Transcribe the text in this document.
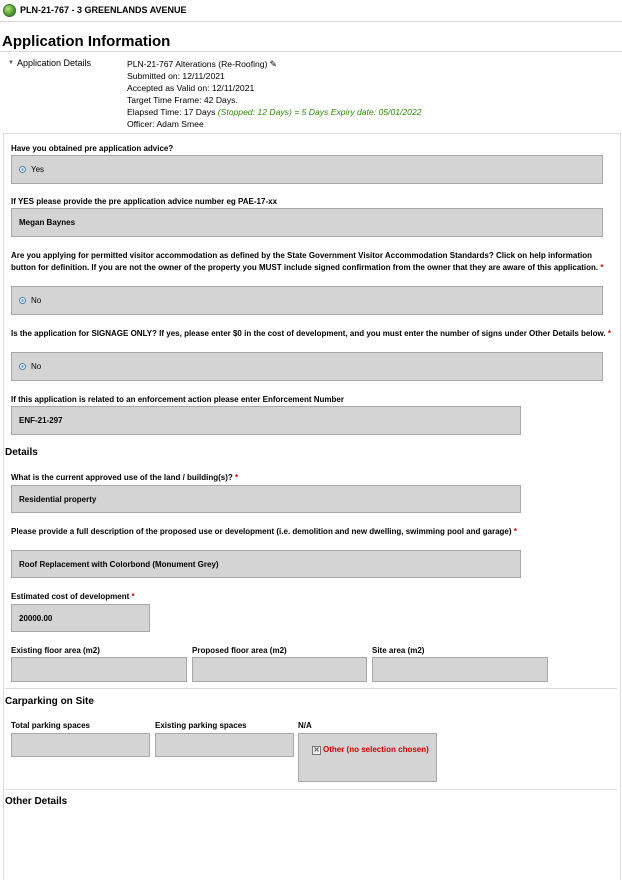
PLN-21-767 - 3 GREENLANDS AVENUE
Application Information
▼ Application Details	PLN-21-767 Alterations (Re-Roofing) ✎
Submitted on: 12/11/2021
Accepted as Valid on: 12/11/2021
Target Time Frame: 42 Days.
Elapsed Time: 17 Days (Stopped: 12 Days) = 5 Days Expiry date: 05/01/2022
Officer: Adam Smee
Have you obtained pre application advice?
Yes
If YES please provide the pre application advice number eg PAE-17-xx
Megan Baynes
Are you applying for permitted visitor accommodation as defined by the State Government Visitor Accommodation Standards? Click on help information button for definition. If you are not the owner of the property you MUST include signed confirmation from the owner that they are aware of this application. *
No
Is the application for SIGNAGE ONLY? If yes, please enter $0 in the cost of development, and you must enter the number of signs under Other Details below. *
No
If this application is related to an enforcement action please enter Enforcement Number
ENF-21-297
Details
What is the current approved use of the land / building(s)? *
Residential property
Please provide a full description of the proposed use or development (i.e. demolition and new dwelling, swimming pool and garage) *
Roof Replacement with Colorbond (Monument Grey)
Estimated cost of development *
20000.00
Existing floor area (m2)	Proposed floor area (m2)	Site area (m2)
Carparking on Site
Total parking spaces	Existing parking spaces	N/A
✕ Other (no selection chosen)
Other Details
